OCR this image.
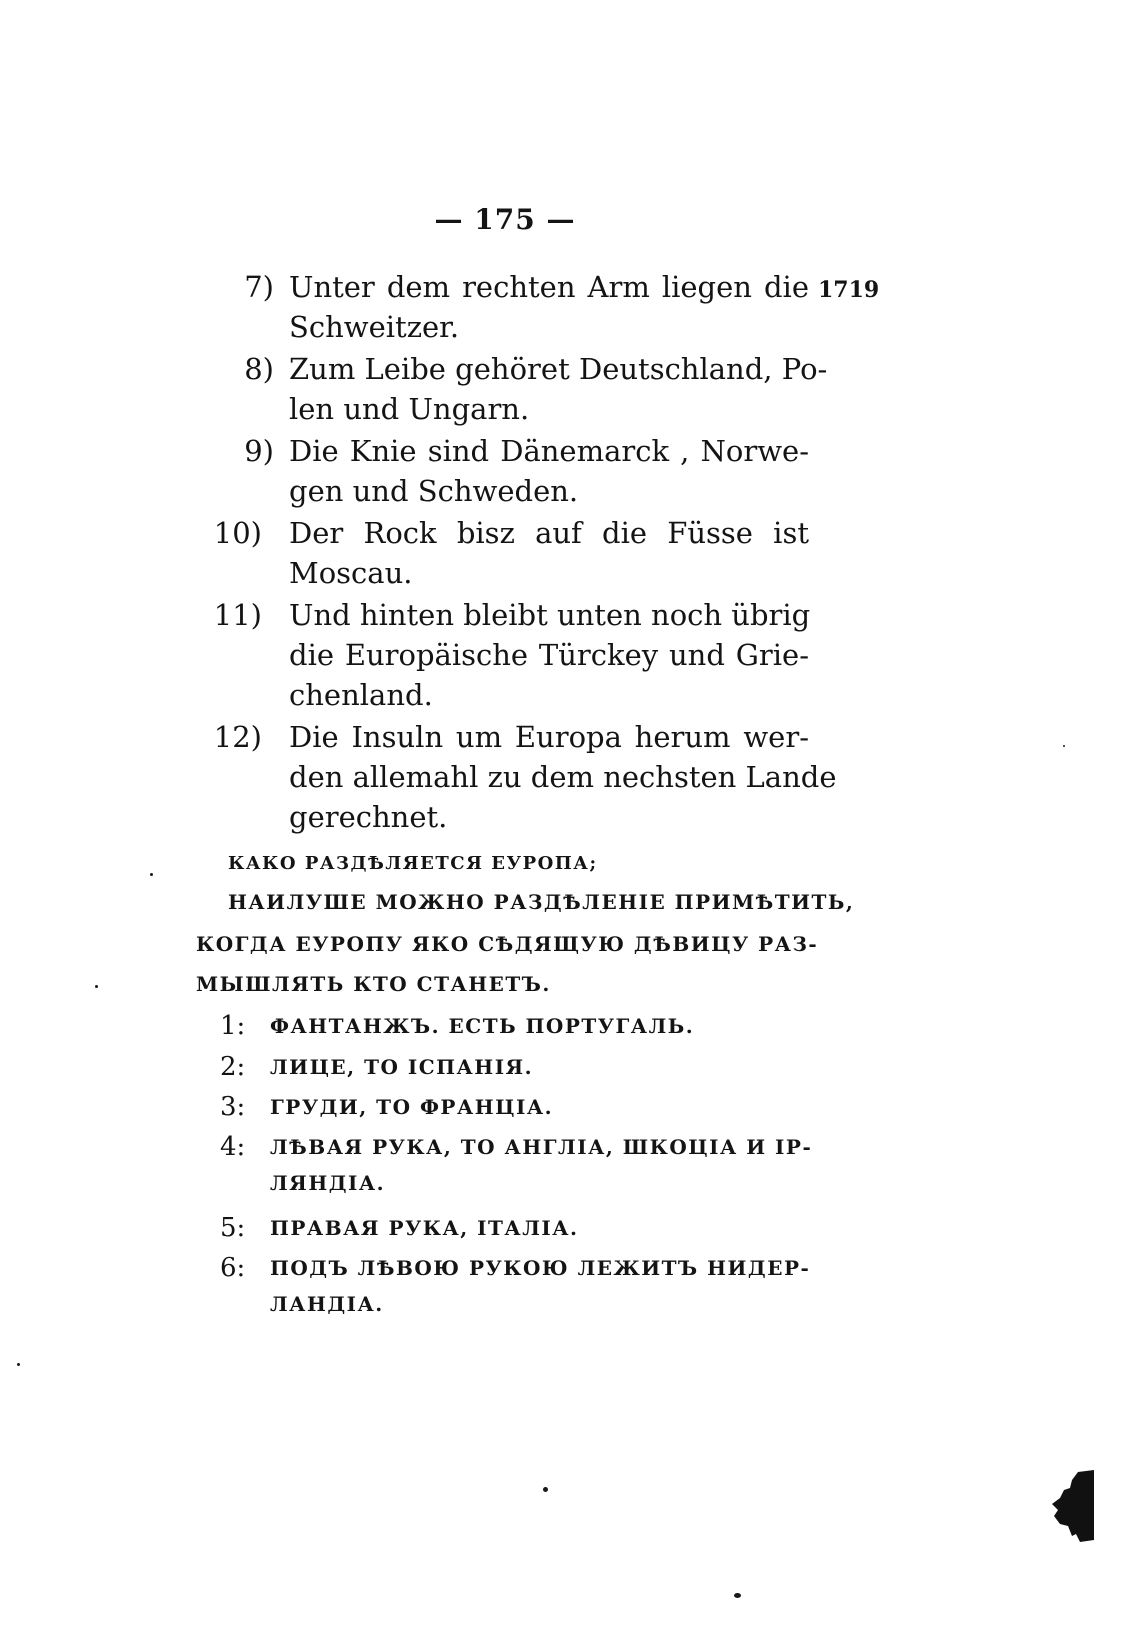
— 175 —
1719
7) Unter dem rechten Arm liegen die
Schweitzer.
8) Zum Leibe gehöret Deutschland, Po-
len und Ungarn.
9) Die Knie sind Dänemarck , Norwe-
gen und Schweden.
10) Der Rock bisz auf die Füsse ist
Moscau.
11) Und hinten bleibt unten noch übrig
die Europäische Türckey und Grie-
chenland.
12) Die Insuln um Europa herum wer-
den allemahl zu dem nechsten Lande
gerechnet.
КАКО РАЗДѢЛЯЕТСЯ ЕУРОПА;
НАИЛУШЕ МОЖНО РАЗДѢЛЕНІЕ ПРИМѢТИТЬ,
КОГДА ЕУРОПУ ЯКО СѢДЯЩУЮ ДѢВИЦУ РАЗ-
МЫШЛЯТЬ КТО СТАНЕТЪ.
1:	ФАНТАНЖЪ. ЕСТЬ ПОРТУГАЛЬ.
2:	ЛИЦЕ, ТО ІСПАНІЯ.
3:	ГРУДИ, ТО ФРАНЦІА.
4:	ЛѢВАЯ РУКА, ТО АНГЛІА, ШКОЦІА И ІР-
ЛЯНДІА.
5:	ПРАВАЯ РУКА, ІТАЛІА.
6:	ПОДЪ ЛѢВОЮ РУКОЮ ЛЕЖИТЪ НИДЕР-
ЛАНДІА.
